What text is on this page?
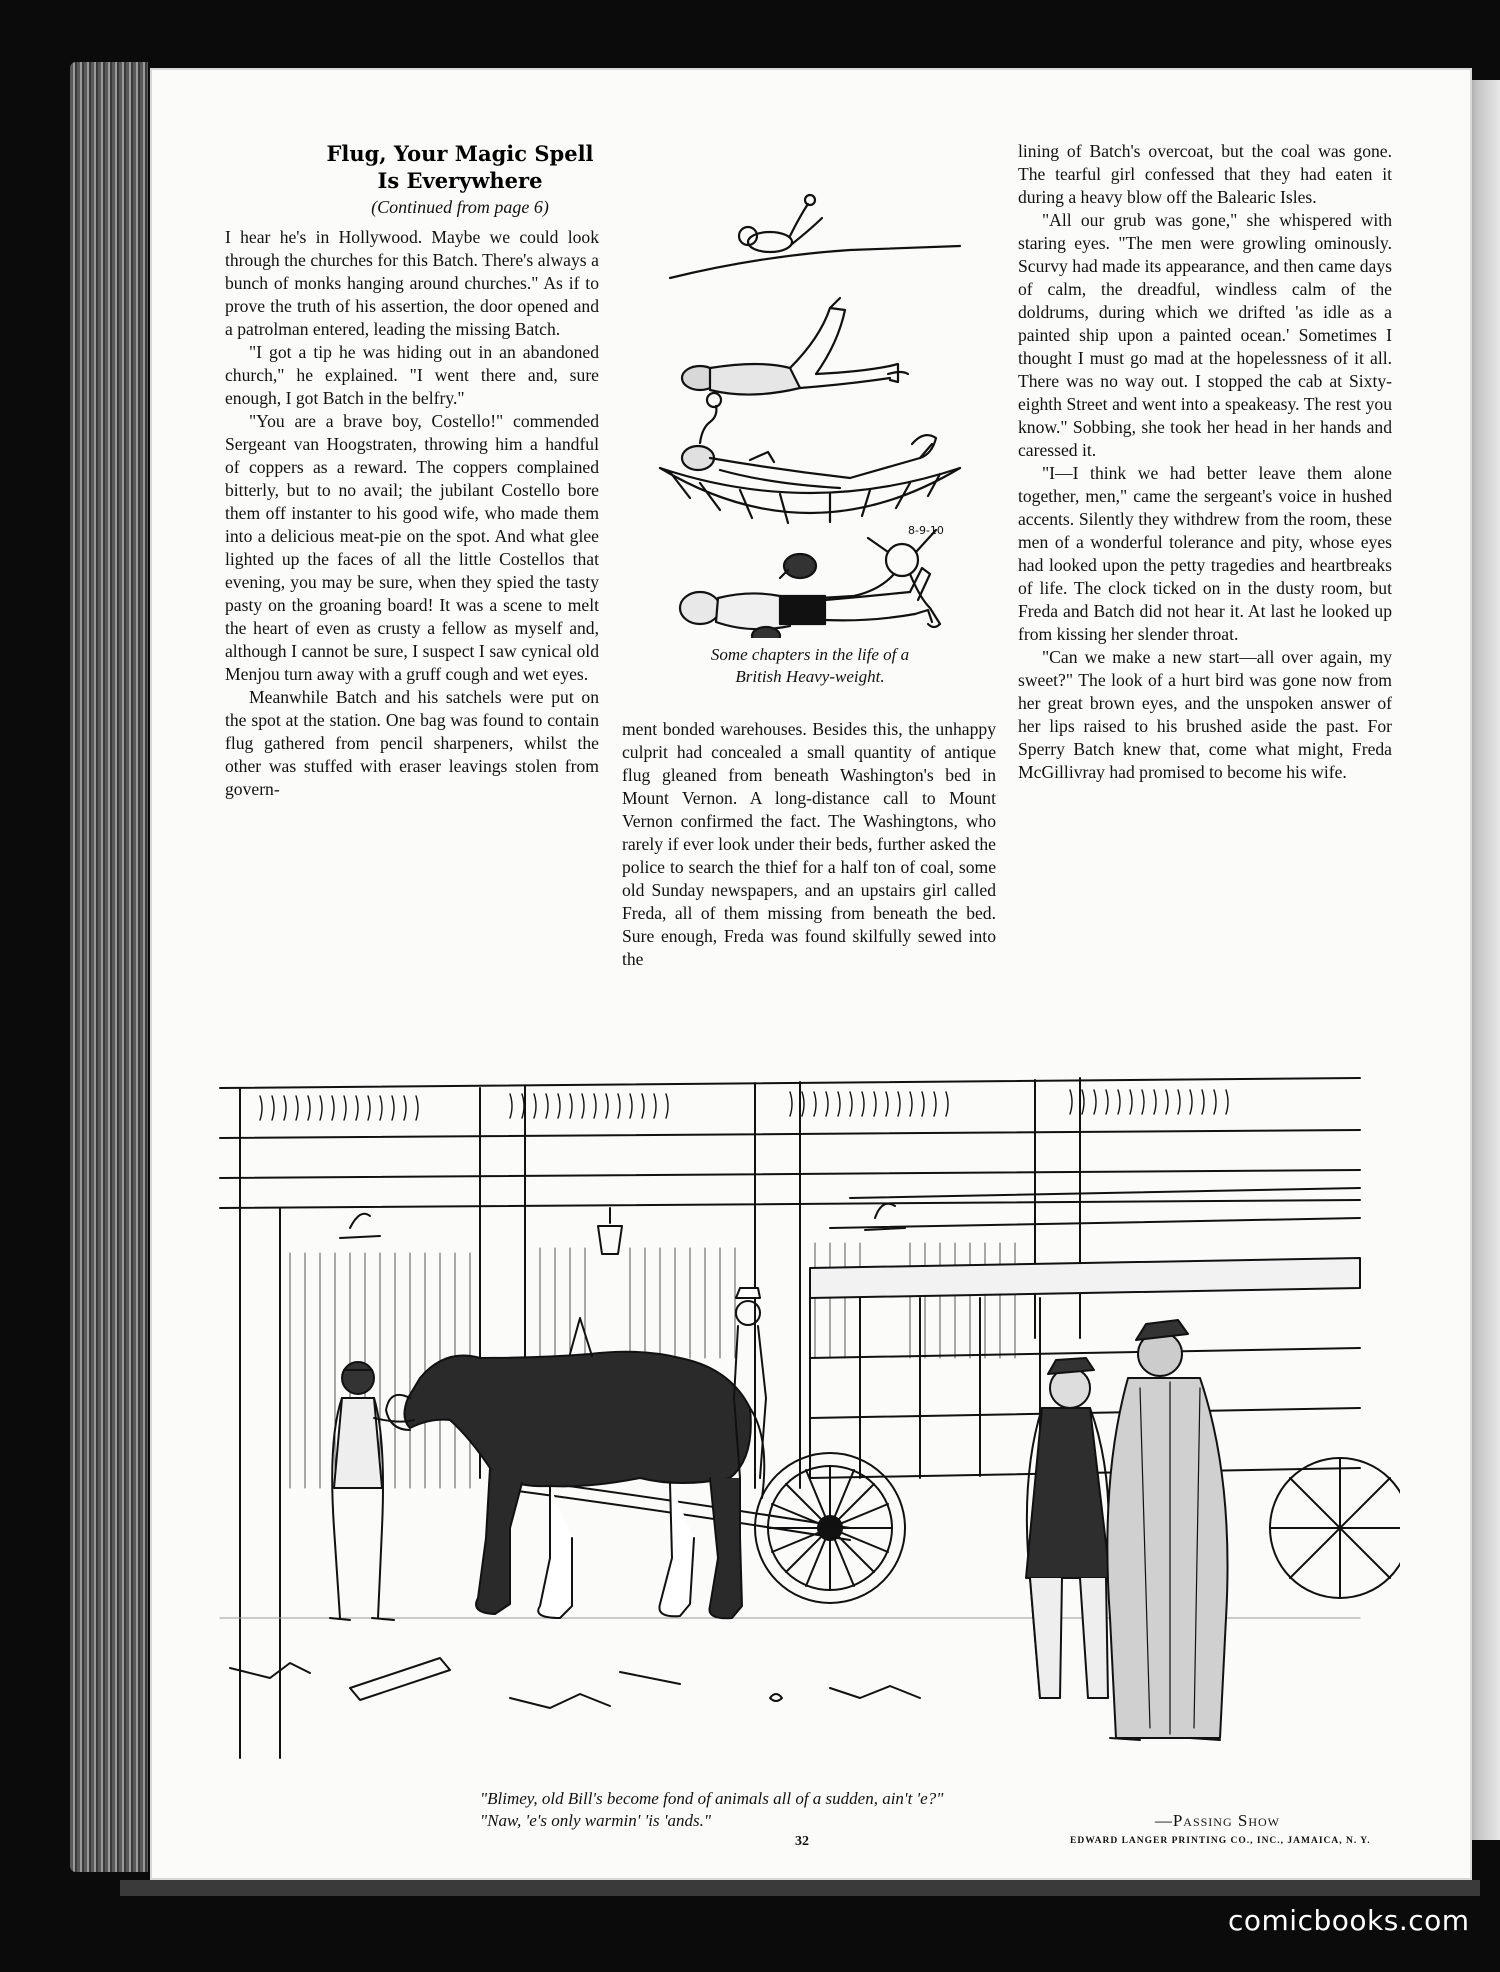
Flug, Your Magic Spell
Is Everywhere
(Continued from page 6)

I hear he's in Hollywood. Maybe we could look through the churches for this Batch. There's always a bunch of monks hanging around churches." As if to prove the truth of his assertion, the door opened and a patrolman entered, leading the missing Batch.

"I got a tip he was hiding out in an abandoned church," he explained. "I went there and, sure enough, I got Batch in the belfry."

"You are a brave boy, Costello!" commended Sergeant van Hoogstraten, throwing him a handful of coppers as a reward. The coppers complained bitterly, but to no avail; the jubilant Costello bore them off instanter to his good wife, who made them into a delicious meat-pie on the spot. And what glee lighted up the faces of all the little Costellos that evening, you may be sure, when they spied the tasty pasty on the groaning board! It was a scene to melt the heart of even as crusty a fellow as myself and, although I cannot be sure, I suspect I saw cynical old Menjou turn away with a gruff cough and wet eyes.

Meanwhile Batch and his satchels were put on the spot at the station. One bag was found to contain flug gathered from pencil sharpeners, whilst the other was stuffed with eraser leavings stolen from govern-

8-9-10
Some chapters in the life of a
British Heavy-weight.

ment bonded warehouses. Besides this, the unhappy culprit had concealed a small quantity of antique flug gleaned from beneath Washington's bed in Mount Vernon. A long-distance call to Mount Vernon confirmed the fact. The Washingtons, who rarely if ever look under their beds, further asked the police to search the thief for a half ton of coal, some old Sunday newspapers, and an upstairs girl called Freda, all of them missing from beneath the bed. Sure enough, Freda was found skilfully sewed into the

lining of Batch's overcoat, but the coal was gone. The tearful girl confessed that they had eaten it during a heavy blow off the Balearic Isles.

"All our grub was gone," she whispered with staring eyes. "The men were growling ominously. Scurvy had made its appearance, and then came days of calm, the dreadful, windless calm of the doldrums, during which we drifted 'as idle as a painted ship upon a painted ocean.' Sometimes I thought I must go mad at the hopelessness of it all. There was no way out. I stopped the cab at Sixty-eighth Street and went into a speakeasy. The rest you know." Sobbing, she took her head in her hands and caressed it.

"I—I think we had better leave them alone together, men," came the sergeant's voice in hushed accents. Silently they withdrew from the room, these men of a wonderful tolerance and pity, whose eyes had looked upon the petty tragedies and heartbreaks of life. The clock ticked on in the dusty room, but Freda and Batch did not hear it. At last he looked up from kissing her slender throat.

"Can we make a new start—all over again, my sweet?" The look of a hurt bird was gone now from her great brown eyes, and the unspoken answer of her lips raised to his brushed aside the past. For Sperry Batch knew that, come what might, Freda McGillivray had promised to become his wife.

"Blimey, old Bill's become fond of animals all of a sudden, ain't 'e?"
"Naw, 'e's only warmin' 'is 'ands."	—Passing Show
32	EDWARD LANGER PRINTING CO., INC., JAMAICA, N. Y.
comicbooks.com
